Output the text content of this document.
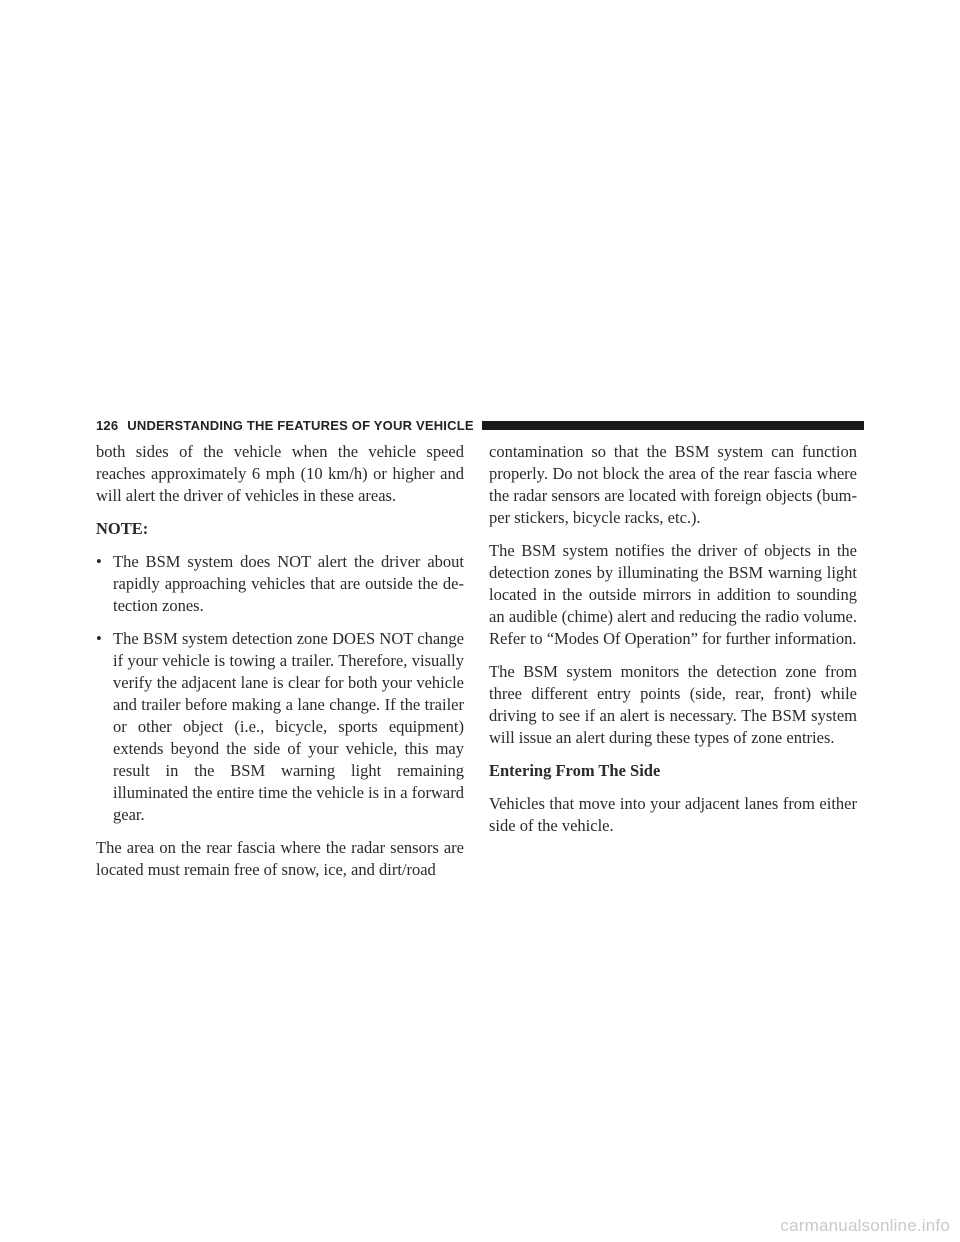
126 UNDERSTANDING THE FEATURES OF YOUR VEHICLE

both sides of the vehicle when the vehicle speed reaches approximately 6 mph (10 km/h) or higher and will alert the driver of vehicles in these areas.

NOTE:
• The BSM system does NOT alert the driver about rapidly approaching vehicles that are outside the detection zones.
• The BSM system detection zone DOES NOT change if your vehicle is towing a trailer. Therefore, visually verify the adjacent lane is clear for both your vehicle and trailer before making a lane change. If the trailer or other object (i.e., bicycle, sports equipment) extends beyond the side of your vehicle, this may result in the BSM warning light remaining illuminated the entire time the vehicle is in a forward gear.

The area on the rear fascia where the radar sensors are located must remain free of snow, ice, and dirt/road

contamination so that the BSM system can function properly. Do not block the area of the rear fascia where the radar sensors are located with foreign objects (bumper stickers, bicycle racks, etc.).

The BSM system notifies the driver of objects in the detection zones by illuminating the BSM warning light located in the outside mirrors in addition to sounding an audible (chime) alert and reducing the radio volume. Refer to “Modes Of Operation” for further information.

The BSM system monitors the detection zone from three different entry points (side, rear, front) while driving to see if an alert is necessary. The BSM system will issue an alert during these types of zone entries.

Entering From The Side

Vehicles that move into your adjacent lanes from either side of the vehicle.

carmanualsonline.info
